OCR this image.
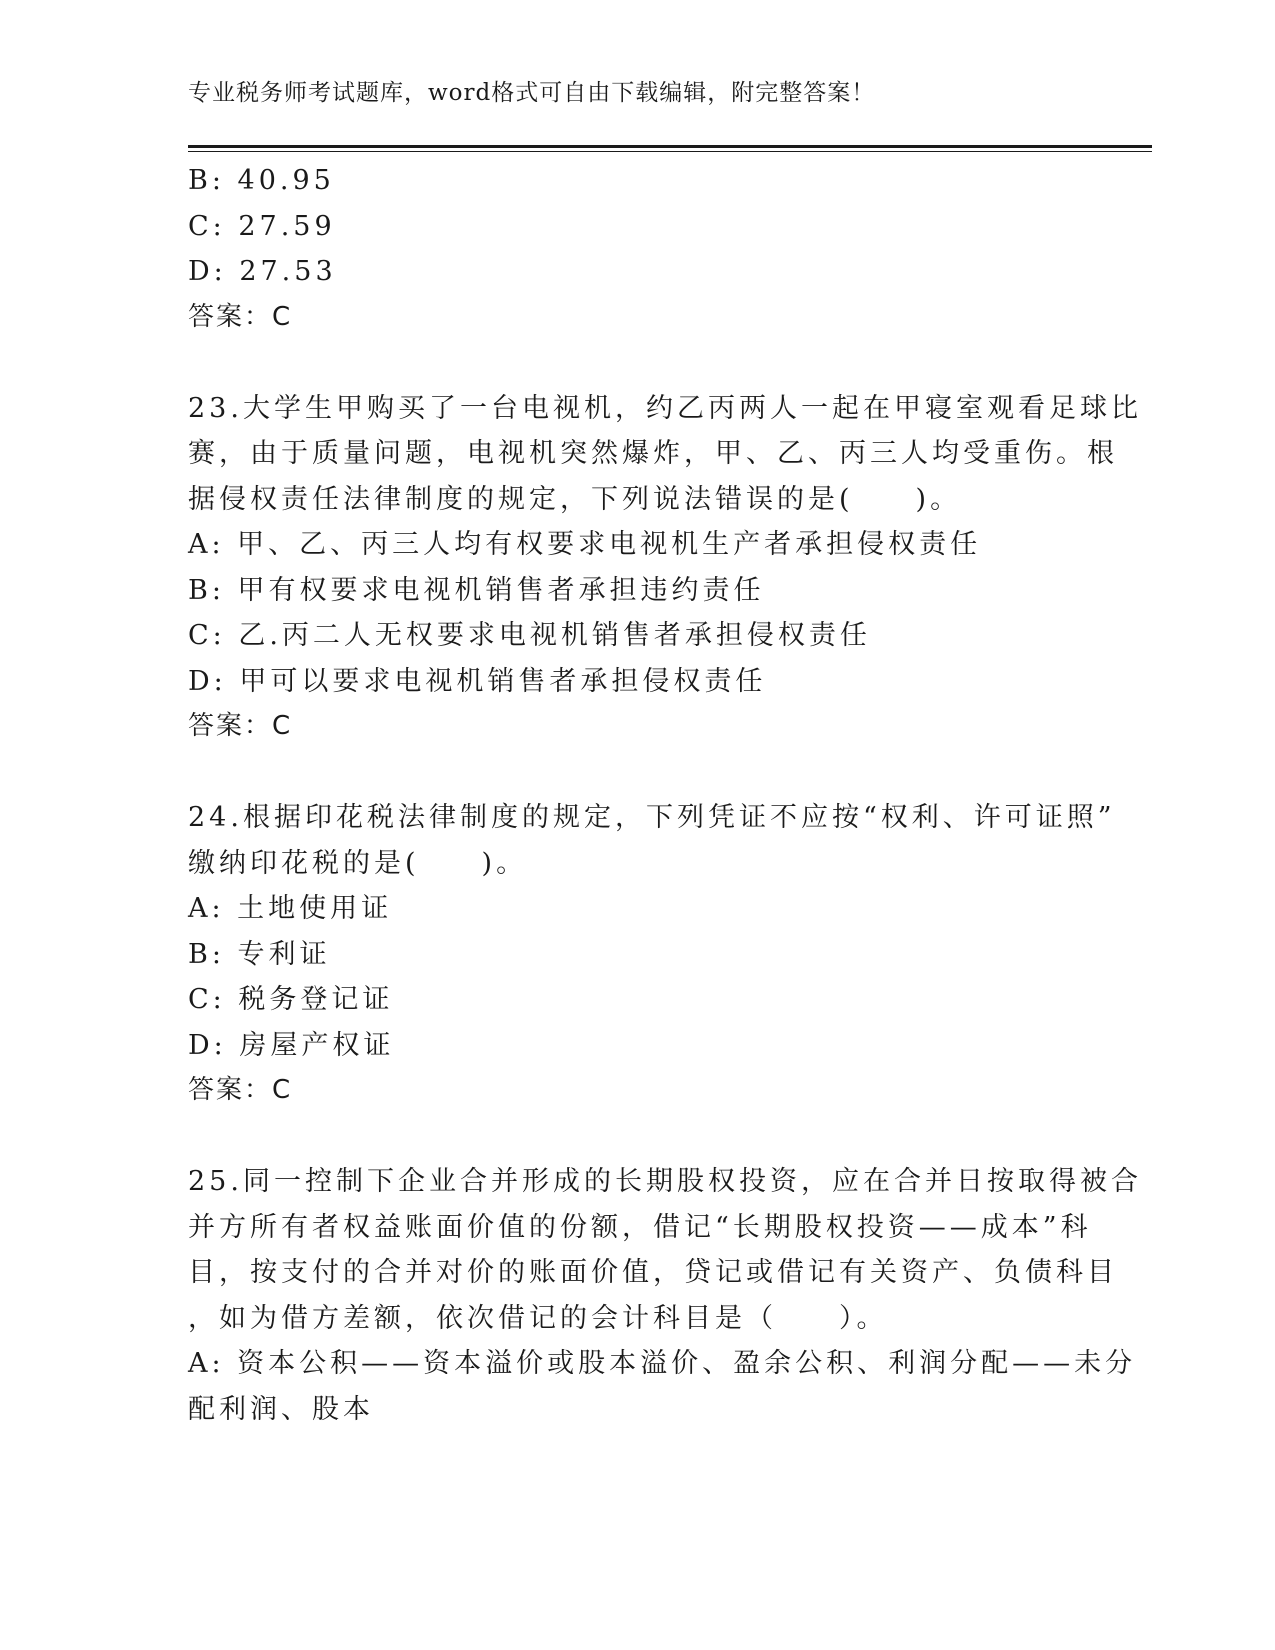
专业税务师考试题库，word格式可自由下载编辑，附完整答案！
B: 40.95
C: 27.59
D: 27.53
答案：C
23.大学生甲购买了一台电视机，约乙丙两人一起在甲寝室观看足球比
赛，由于质量问题，电视机突然爆炸，甲、乙、丙三人均受重伤。根
据侵权责任法律制度的规定，下列说法错误的是(　　)。
A: 甲、乙、丙三人均有权要求电视机生产者承担侵权责任
B: 甲有权要求电视机销售者承担违约责任
C: 乙.丙二人无权要求电视机销售者承担侵权责任
D: 甲可以要求电视机销售者承担侵权责任
答案：C
24.根据印花税法律制度的规定，下列凭证不应按“权利、许可证照”
缴纳印花税的是(　　)。
A: 土地使用证
B: 专利证
C: 税务登记证
D: 房屋产权证
答案：C
25.同一控制下企业合并形成的长期股权投资，应在合并日按取得被合
并方所有者权益账面价值的份额，借记“长期股权投资——成本”科
目，按支付的合并对价的账面价值，贷记或借记有关资产、负债科目
，如为借方差额，依次借记的会计科目是（　　）。
A: 资本公积——资本溢价或股本溢价、盈余公积、利润分配——未分
配利润、股本
